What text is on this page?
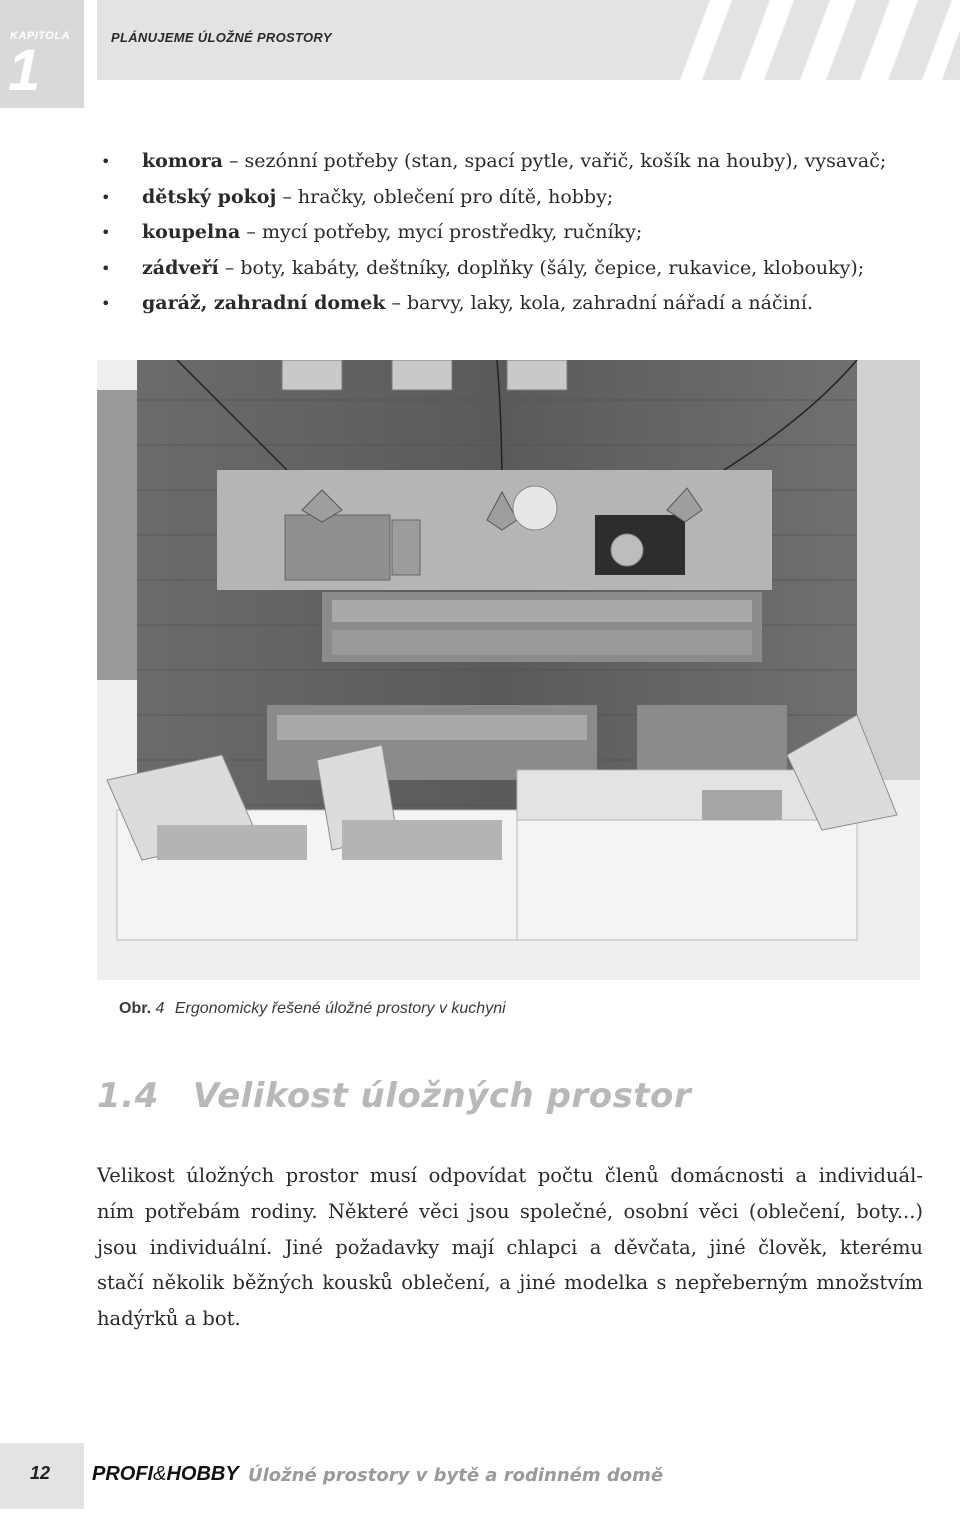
KAPITOLA
1
PLÁNUJEME ÚLOŽNÉ PROSTORY
• komora – sezónní potřeby (stan, spací pytle, vařič, košík na houby), vysavač;
• dětský pokoj – hračky, oblečení pro dítě, hobby;
• koupelna – mycí potřeby, mycí prostředky, ručníky;
• zádveří – boty, kabáty, deštníky, doplňky (šály, čepice, rukavice, klobouky);
• garáž, zahradní domek – barvy, laky, kola, zahradní nářadí a náčiní.
Obr. 4 Ergonomicky řešené úložné prostory v kuchyni
1.4 Velikost úložných prostor
Velikost úložných prostor musí odpovídat počtu členů domácnosti a individuál-
ním potřebám rodiny. Některé věci jsou společné, osobní věci (oblečení, boty...)
jsou individuální. Jiné požadavky mají chlapci a děvčata, jiné člověk, kterému
stačí několik běžných kousků oblečení, a jiné modelka s nepřeberným množstvím
hadýrků a bot.
12 PROFI&HOBBY Úložné prostory v bytě a rodinném domě
